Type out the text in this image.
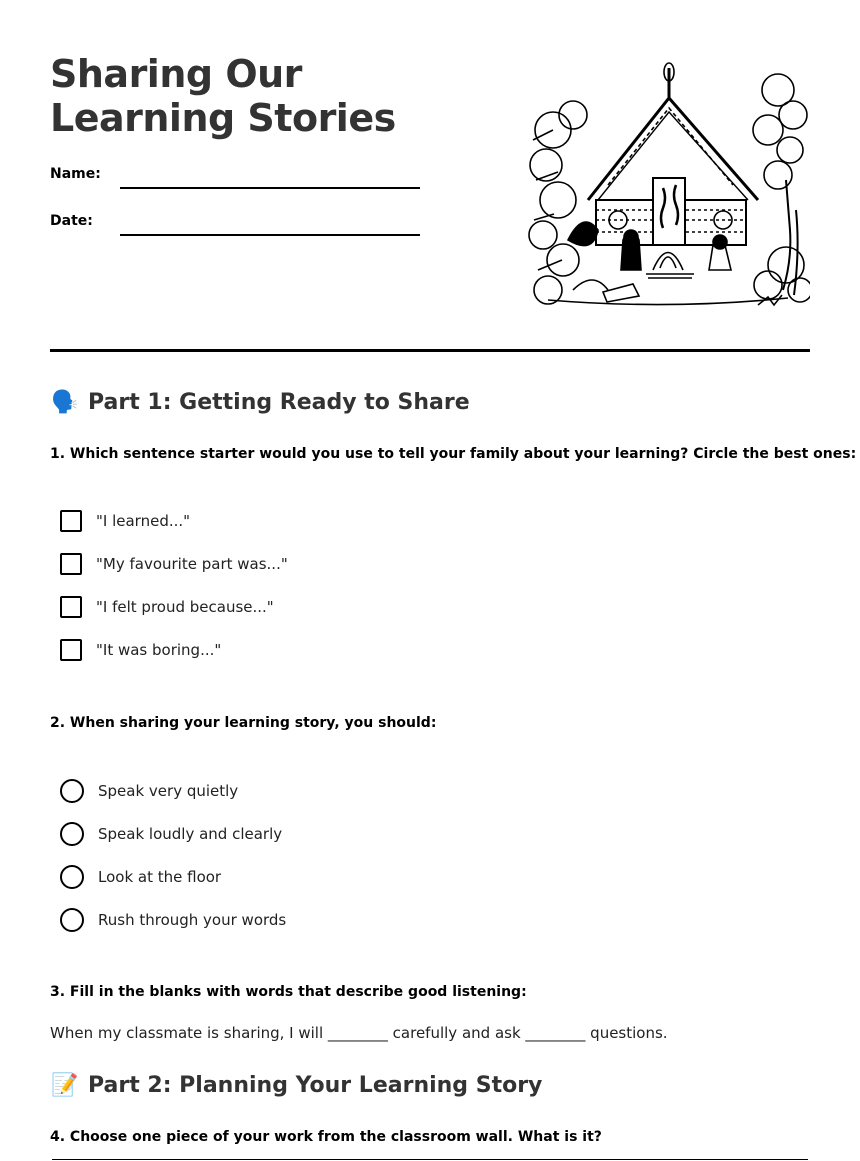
Sharing Our Learning Stories
Name:
Date:
🗣️ Part 1: Getting Ready to Share
1. Which sentence starter would you use to tell your family about your learning? Circle the best ones:
"I learned..."
"My favourite part was..."
"I felt proud because..."
"It was boring..."
2. When sharing your learning story, you should:
Speak very quietly
Speak loudly and clearly
Look at the floor
Rush through your words
3. Fill in the blanks with words that describe good listening:
When my classmate is sharing, I will ________ carefully and ask ________ questions.
📝 Part 2: Planning Your Learning Story
4. Choose one piece of your work from the classroom wall. What is it?
